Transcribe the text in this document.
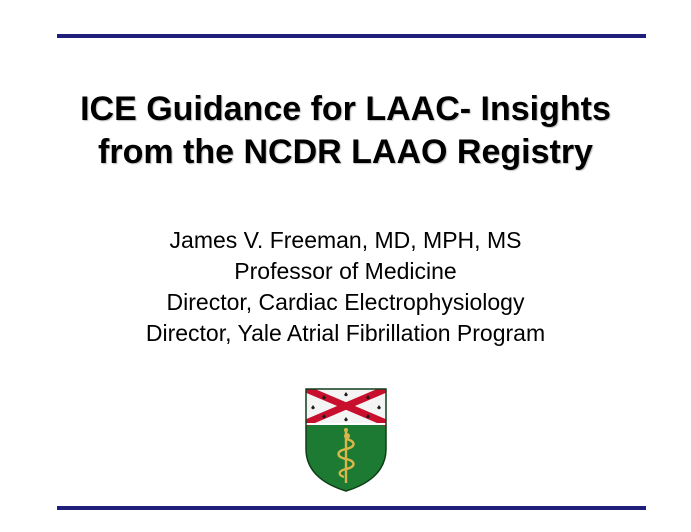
ICE Guidance for LAAC- Insights
from the NCDR LAAO Registry
James V. Freeman, MD, MPH, MS
Professor of Medicine
Director, Cardiac Electrophysiology
Director, Yale Atrial Fibrillation Program
